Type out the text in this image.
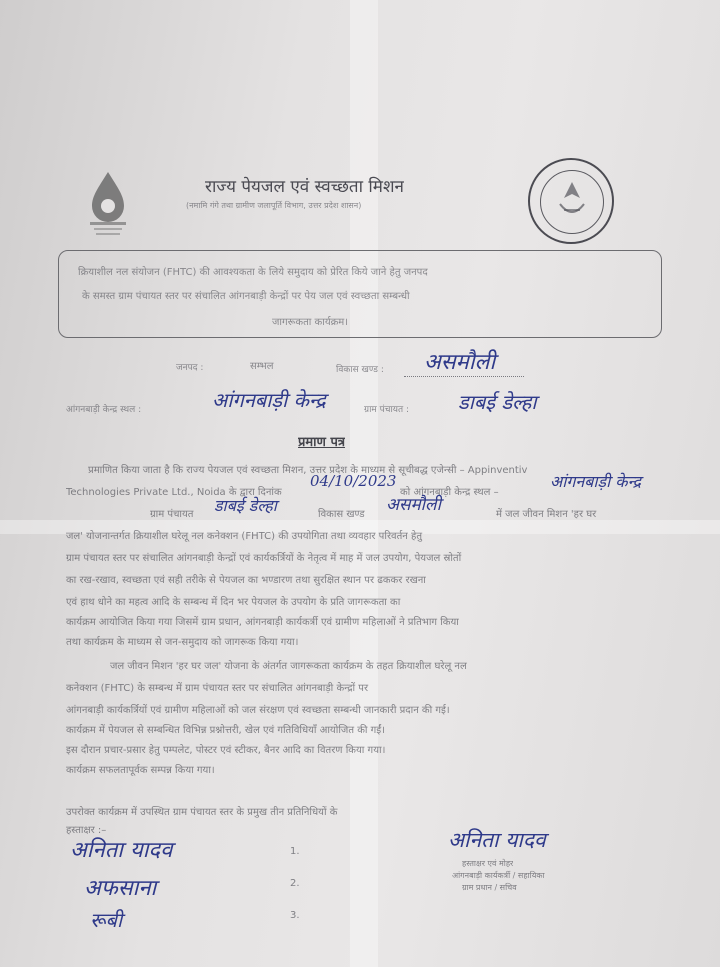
राज्य पेयजल एवं स्वच्छता मिशन
(नमामि गंगे तथा ग्रामीण जलापूर्ति विभाग, उत्तर प्रदेश शासन)
क्रियाशील नल संयोजन (FHTC) की आवश्यकता के लिये समुदाय को प्रेरित किये जाने हेतु जनपद
के समस्त ग्राम पंचायत स्तर पर संचालित आंगनबाड़ी केन्द्रों पर पेय जल एवं स्वच्छता सम्बन्धी
जागरूकता कार्यक्रम।
जनपद :	सम्भल	विकास खण्ड : असमौली
आंगनबाड़ी केन्द्र स्थल :	आंगनबाड़ी केन्द्र	ग्राम पंचायत : डाबई डेल्हा
प्रमाण पत्र
प्रमाणित किया जाता है कि राज्य पेयजल एवं स्वच्छता मिशन, उत्तर प्रदेश के माध्यम से सूचीबद्ध एजेन्सी – Appinventiv
Technologies Private Ltd., Noida के द्वारा दिनांक
04/10/2023
को आंगनबाड़ी केन्द्र स्थल –
आंगनबाड़ी केन्द्र
ग्राम पंचायत	डाबई डेल्हा	विकास खण्ड	असमौली	में जल जीवन मिशन 'हर घर
जल' योजनान्तर्गत क्रियाशील घरेलू नल कनेक्शन (FHTC) की उपयोगिता तथा व्यवहार परिवर्तन हेतु
ग्राम पंचायत स्तर पर संचालित आंगनबाड़ी केन्द्रों एवं कार्यकर्त्रियों के नेतृत्व में माह में जल उपयोग, पेयजल स्रोतों
का रख-रखाव, स्वच्छता एवं सही तरीके से पेयजल का भण्डारण तथा सुरक्षित स्थान पर ढककर रखना
एवं हाथ धोने का महत्व आदि के सम्बन्ध में दिन भर पेयजल के उपयोग के प्रति जागरूकता का
कार्यक्रम आयोजित किया गया जिसमें ग्राम प्रधान, आंगनबाड़ी कार्यकर्त्री एवं ग्रामीण महिलाओं ने प्रतिभाग किया
तथा कार्यक्रम के माध्यम से जन-समुदाय को जागरूक किया गया।
जल जीवन मिशन 'हर घर जल' योजना के अंतर्गत जागरूकता कार्यक्रम के तहत क्रियाशील घरेलू नल
कनेक्शन (FHTC) के सम्बन्ध में ग्राम पंचायत स्तर पर संचालित आंगनबाड़ी केन्द्रों पर
आंगनबाड़ी कार्यकर्त्रियों एवं ग्रामीण महिलाओं को जल संरक्षण एवं स्वच्छता सम्बन्धी जानकारी प्रदान की गई।
कार्यक्रम में पेयजल से सम्बन्धित विभिन्न प्रश्नोत्तरी, खेल एवं गतिविधियाँ आयोजित की गईं।
इस दौरान प्रचार-प्रसार हेतु पम्पलेट, पोस्टर एवं स्टीकर, बैनर आदि का वितरण किया गया।
कार्यक्रम सफलतापूर्वक सम्पन्न किया गया।
उपरोक्त कार्यक्रम में उपस्थित ग्राम पंचायत स्तर के प्रमुख तीन प्रतिनिधियों के
हस्ताक्षर :–
अनिता यादव
अफसाना
रूबी
1.
2.
3.
अनिता यादव
हस्ताक्षर एवं मोहर
आंगनबाड़ी कार्यकर्त्री / सहायिका
ग्राम प्रधान / सचिव
